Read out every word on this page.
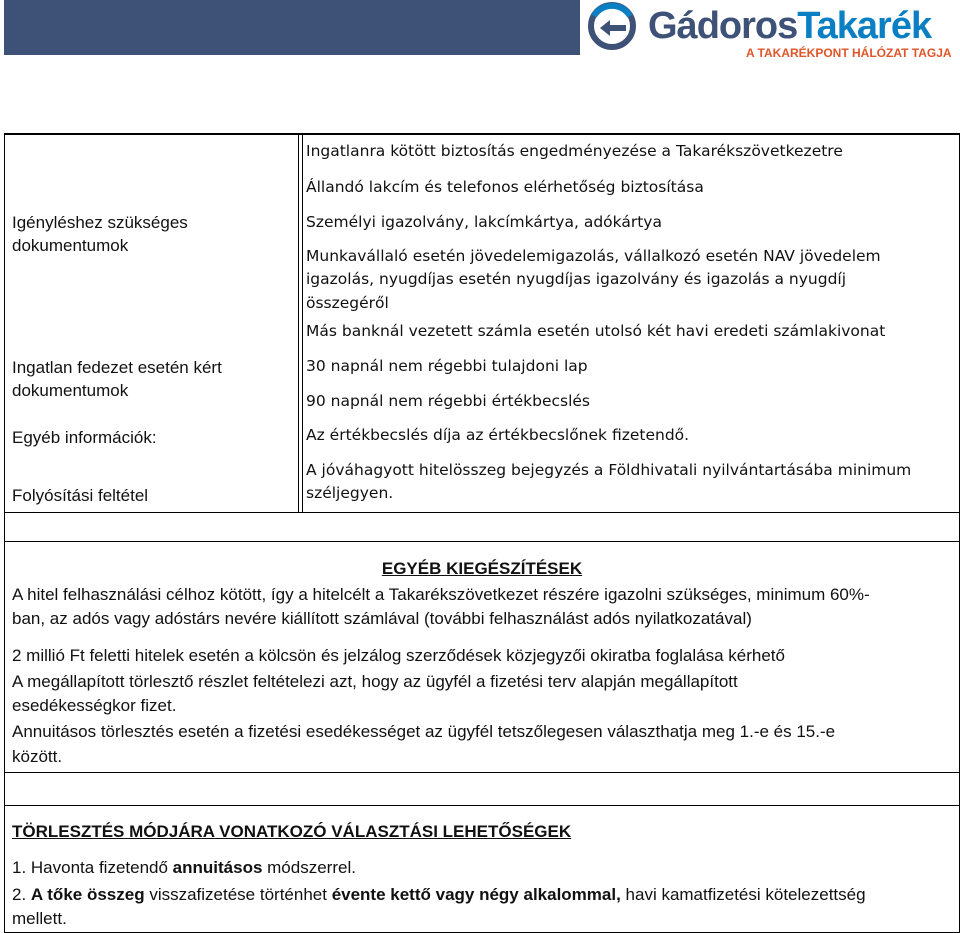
GádorosTakarék
A TAKARÉKPONT HÁLÓZAT TAGJA
Igényléshez szükséges dokumentumok
Ingatlan fedezet esetén kért dokumentumok
Egyéb információk:
Folyósítási feltétel
Ingatlanra kötött biztosítás engedményezése a Takarékszövetkezetre
Állandó lakcím és telefonos elérhetőség biztosítása
Személyi igazolvány, lakcímkártya, adókártya
Munkavállaló esetén jövedelemigazolás, vállalkozó esetén NAV jövedelem
igazolás, nyugdíjas esetén nyugdíjas igazolvány és igazolás a nyugdíj
összegéről
Más banknál vezetett számla esetén utolsó két havi eredeti számlakivonat
30 napnál nem régebbi tulajdoni lap
90 napnál nem régebbi értékbecslés
Az értékbecslés díja az értékbecslőnek fizetendő.
A jóváhagyott hitelösszeg bejegyzés a Földhivatali nyilvántartásába minimum
széljegyen.
EGYÉB KIEGÉSZÍTÉSEK
A hitel felhasználási célhoz kötött, így a hitelcélt a Takarékszövetkezet részére igazolni szükséges, minimum 60%-
ban, az adós vagy adóstárs nevére kiállított számlával (további felhasználást adós nyilatkozatával)
2 millió Ft feletti hitelek esetén a kölcsön és jelzálog szerződések közjegyzői okiratba foglalása kérhető
A megállapított törlesztő részlet feltételezi azt, hogy az ügyfél a fizetési terv alapján megállapított
esedékességkor fizet.
Annuitásos törlesztés esetén a fizetési esedékességet az ügyfél tetszőlegesen választhatja meg 1.-e és 15.-e
között.
TÖRLESZTÉS MÓDJÁRA VONATKOZÓ VÁLASZTÁSI LEHETŐSÉGEK
1. Havonta fizetendő annuitásos módszerrel.
2. A tőke összeg visszafizetése történhet évente kettő vagy négy alkalommal, havi kamatfizetési kötelezettség
mellett.
